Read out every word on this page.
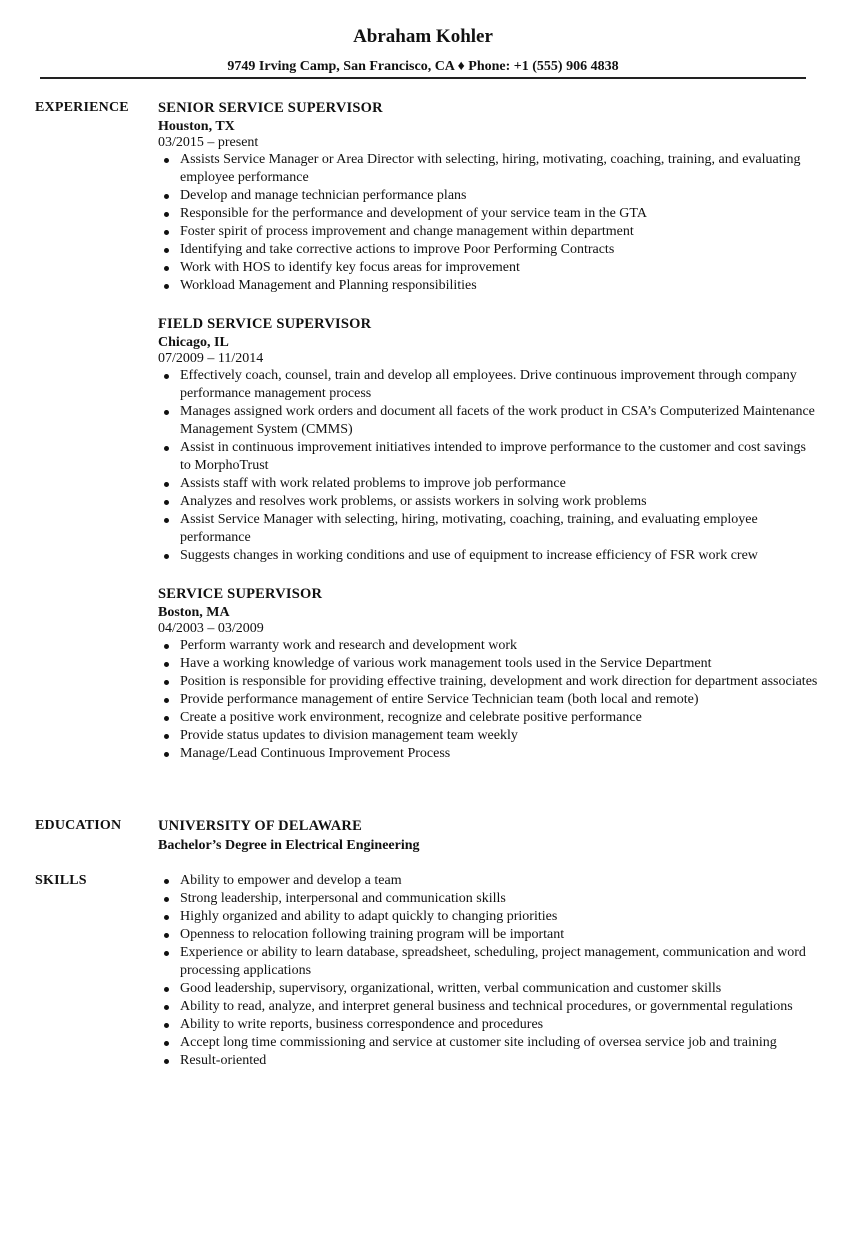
Abraham Kohler
9749 Irving Camp, San Francisco, CA ♦ Phone: +1 (555) 906 4838
EXPERIENCE SENIOR SERVICE SUPERVISOR
Houston, TX
03/2015 – present
Assists Service Manager or Area Director with selecting, hiring, motivating, coaching, training, and evaluating employee performance
Develop and manage technician performance plans
Responsible for the performance and development of your service team in the GTA
Foster spirit of process improvement and change management within department
Identifying and take corrective actions to improve Poor Performing Contracts
Work with HOS to identify key focus areas for improvement
Workload Management and Planning responsibilities
FIELD SERVICE SUPERVISOR
Chicago, IL
07/2009 – 11/2014
Effectively coach, counsel, train and develop all employees. Drive continuous improvement through company performance management process
Manages assigned work orders and document all facets of the work product in CSA’s Computerized Maintenance Management System (CMMS)
Assist in continuous improvement initiatives intended to improve performance to the customer and cost savings to MorphoTrust
Assists staff with work related problems to improve job performance
Analyzes and resolves work problems, or assists workers in solving work problems
Assist Service Manager with selecting, hiring, motivating, coaching, training, and evaluating employee performance
Suggests changes in working conditions and use of equipment to increase efficiency of FSR work crew
SERVICE SUPERVISOR
Boston, MA
04/2003 – 03/2009
Perform warranty work and research and development work
Have a working knowledge of various work management tools used in the Service Department
Position is responsible for providing effective training, development and work direction for department associates
Provide performance management of entire Service Technician team (both local and remote)
Create a positive work environment, recognize and celebrate positive performance
Provide status updates to division management team weekly
Manage/Lead Continuous Improvement Process
EDUCATION	UNIVERSITY OF DELAWARE
Bachelor’s Degree in Electrical Engineering
SKILLS	Ability to empower and develop a team
Strong leadership, interpersonal and communication skills
Highly organized and ability to adapt quickly to changing priorities
Openness to relocation following training program will be important
Experience or ability to learn database, spreadsheet, scheduling, project management, communication and word processing applications
Good leadership, supervisory, organizational, written, verbal communication and customer skills
Ability to read, analyze, and interpret general business and technical procedures, or governmental regulations
Ability to write reports, business correspondence and procedures
Accept long time commissioning and service at customer site including of oversea service job and training
Result-oriented
